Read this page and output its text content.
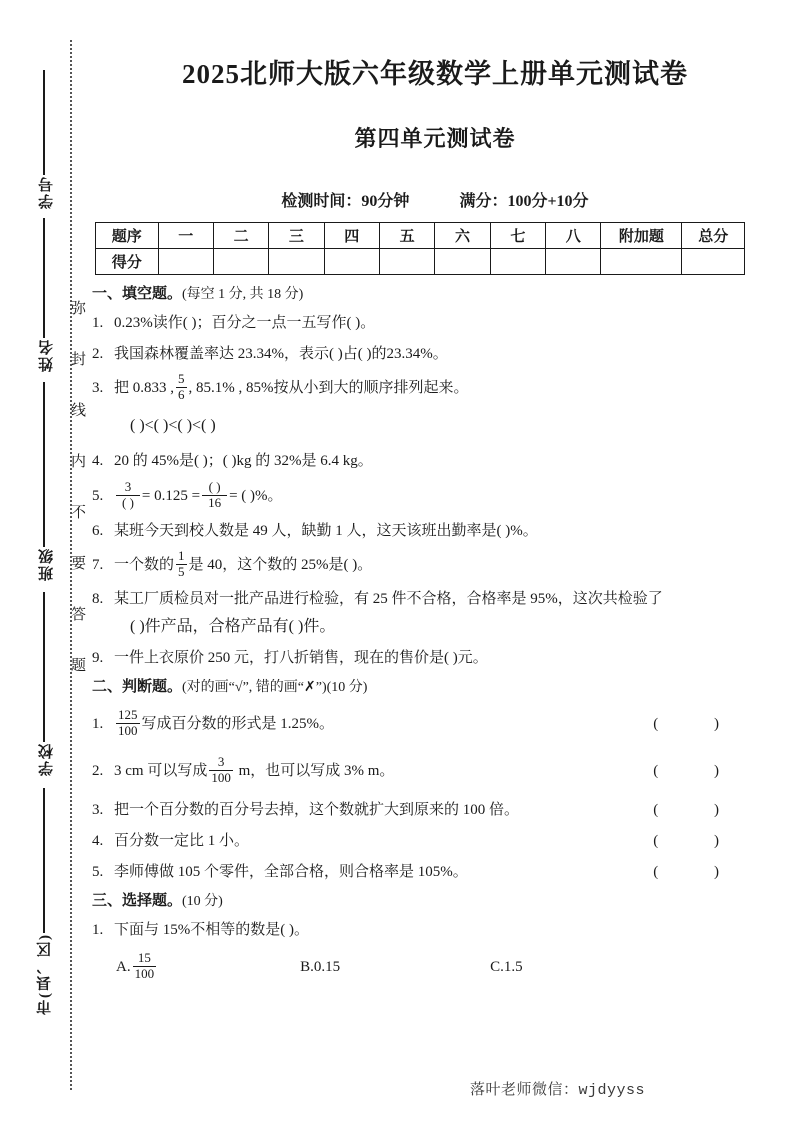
学号
姓名
班级
学校
市(县、区)
弥封线内不要答题
2025北师大版六年级数学上册单元测试卷
第四单元测试卷
检测时间：90分钟	满分：100分+10分
题序	一	二	三	四	五	六	七	八	附加题	总分
得分										
一、填空题。(每空 1 分, 共 18 分)
1. 0.23%读作( )；百分之一点一五写作( )。
2. 我国森林覆盖率达 23.34%，表示( )占( )的23.34%。
3. 把 0.833 , $\frac{5}{6}$ , 85.1% , 85%按从小到大的顺序排列起来。
( )<( )<( )<( )
4. 20 的 45%是( )；( )kg 的 32%是 6.4 kg。
5. $\frac{3}{( )} = 0.125 = \frac{( )}{16}$ = ( )%。
6. 某班今天到校人数是 49 人，缺勤 1 人，这天该班出勤率是( )%。
7. 一个数的 $\frac{1}{5}$ 是 40，这个数的 25%是( )。
8. 某工厂质检员对一批产品进行检验，有 25 件不合格，合格率是 95%，这次共检验了
( )件产品，合格产品有( )件。
9. 一件上衣原价 250 元，打八折销售，现在的售价是( )元。
二、判断题。(对的画“√”, 错的画“✗”)(10 分)
1. $\frac{125}{100}$ 写成百分数的形式是 1.25%。	( )
2. 3 cm 可以写成 $\frac{3}{100}$ m，也可以写成 3% m。	( )
3. 把一个百分数的百分号去掉，这个数就扩大到原来的 100 倍。	( )
4. 百分数一定比 1 小。	( )
5. 李师傅做 105 个零件，全部合格，则合格率是 105%。	( )
三、选择题。(10 分)
1. 下面与 15%不相等的数是( )。
A. $\frac{15}{100}$	B.0.15	C.1.5
落叶老师微信：wjdyyss
